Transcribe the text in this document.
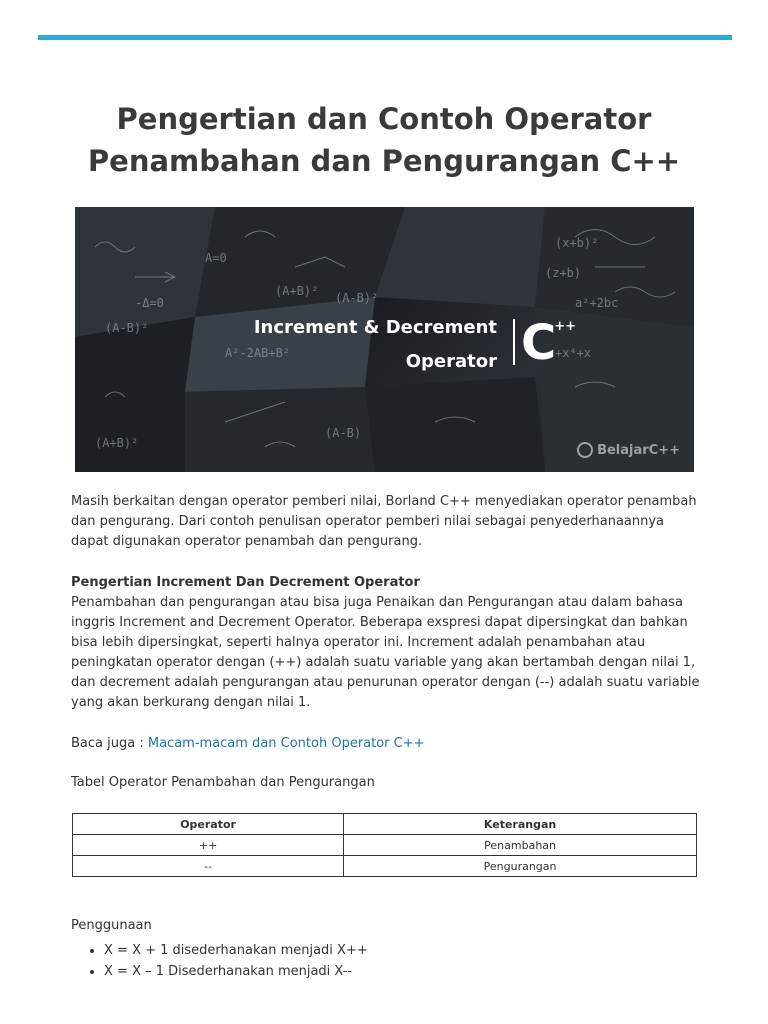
Pengertian dan Contoh Operator
Penambahan dan Pengurangan C++
A=0
(A+B)² (A-B)²
(A-B)²
A²-2AB+B²
(x+b)²
(z+b)
a²+2bc
(A+B)²
(A-B)
-Δ=0
+x⁴+x
Increment & Decrement
Operator C++
BelajarC++

Masih berkaitan dengan operator pemberi nilai, Borland C++ menyediakan operator penambah dan pengurang. Dari contoh penulisan operator pemberi nilai sebagai penyederhanaannya dapat digunakan operator penambah dan pengurang.

Pengertian Increment Dan Decrement Operator

Penambahan dan pengurangan atau bisa juga Penaikan dan Pengurangan atau dalam bahasa inggris Increment and Decrement Operator. Beberapa exspresi dapat dipersingkat dan bahkan bisa lebih dipersingkat, seperti halnya operator ini. Increment adalah penambahan atau peningkatan operator dengan (++) adalah suatu variable yang akan bertambah dengan nilai 1, dan decrement adalah pengurangan atau penurunan operator dengan (--) adalah suatu variable yang akan berkurang dengan nilai 1.

Baca juga : Macam-macam dan Contoh Operator C++

Tabel Operator Penambahan dan Pengurangan

Operator	Keterangan
++	Penambahan
--	Pengurangan

Penggunaan

• X = X + 1 disederhanakan menjadi X++
• X = X – 1 Disederhanakan menjadi X--
